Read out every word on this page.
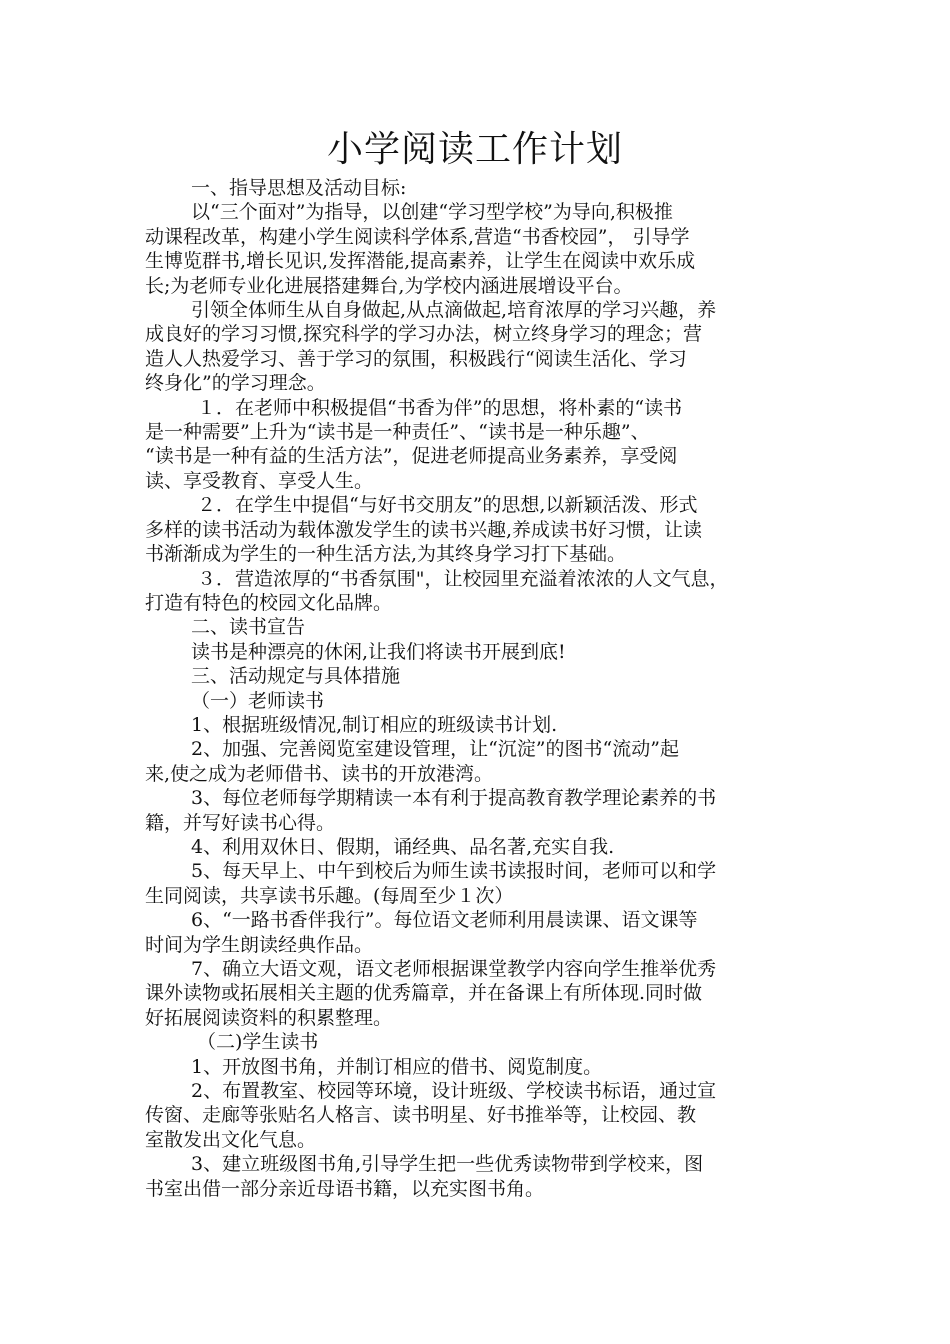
小学阅读工作计划
一、指导思想及活动目标:
以“三个面对”为指导，以创建“学习型学校”为导向,积极推
动课程改革，构建小学生阅读科学体系,营造“书香校园”， 引导学
生博览群书,增长见识,发挥潜能,提高素养，让学生在阅读中欢乐成
长;为老师专业化进展搭建舞台,为学校内涵进展增设平台。
引领全体师生从自身做起,从点滴做起,培育浓厚的学习兴趣，养
成良好的学习习惯,探究科学的学习办法，树立终身学习的理念；营
造人人热爱学习、善于学习的氛围，积极践行“阅读生活化、学习
终身化”的学习理念。
１．在老师中积极提倡“书香为伴”的思想，将朴素的“读书
是一种需要”上升为“读书是一种责任”、“读书是一种乐趣”、
“读书是一种有益的生活方法”，促进老师提高业务素养，享受阅
读、享受教育、享受人生。
２．在学生中提倡“与好书交朋友”的思想,以新颖活泼、形式
多样的读书活动为载体激发学生的读书兴趣,养成读书好习惯，让读
书渐渐成为学生的一种生活方法,为其终身学习打下基础。
３．营造浓厚的“书香氛围"，让校园里充溢着浓浓的人文气息，
打造有特色的校园文化品牌。
二、读书宣告
读书是种漂亮的休闲,让我们将读书开展到底!
三、活动规定与具体措施
（一）老师读书
1、根据班级情况,制订相应的班级读书计划.
2、加强、完善阅览室建设管理，让“沉淀”的图书“流动”起
来,使之成为老师借书、读书的开放港湾。
3、每位老师每学期精读一本有利于提高教育教学理论素养的书
籍，并写好读书心得。
4、利用双休日、假期，诵经典、品名著,充实自我.
5、每天早上、中午到校后为师生读书读报时间，老师可以和学
生同阅读，共享读书乐趣。(每周至少１次）
6、“一路书香伴我行”。每位语文老师利用晨读课、语文课等
时间为学生朗读经典作品。
7、确立大语文观，语文老师根据课堂教学内容向学生推举优秀
课外读物或拓展相关主题的优秀篇章，并在备课上有所体现.同时做
好拓展阅读资料的积累整理。
（二)学生读书
1、开放图书角，并制订相应的借书、阅览制度。
2、布置教室、校园等环境，设计班级、学校读书标语，通过宣
传窗、走廊等张贴名人格言、读书明星、好书推举等，让校园、教
室散发出文化气息。
3、建立班级图书角,引导学生把一些优秀读物带到学校来，图
书室出借一部分亲近母语书籍，以充实图书角。
